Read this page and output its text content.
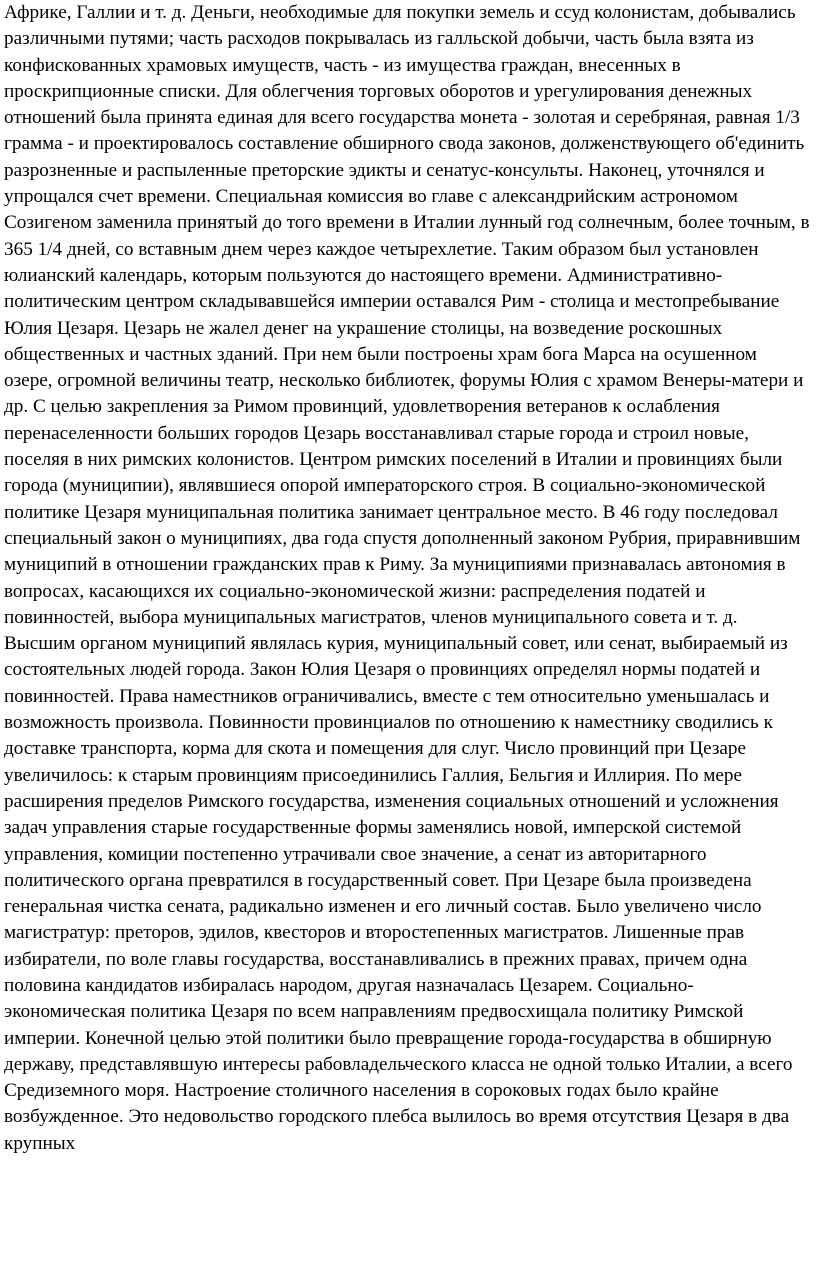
Африке, Галлии и т. д. Деньги, необходимые для покупки земель и ссуд колонистам, добывались различными путями; часть расходов покрывалась из галльской добычи, часть была взята из конфискованных храмовых имуществ, часть - из имущества граждан, внесенных в проскрипционные списки. Для облегчения торговых оборотов и урегулирования денежных отношений была принята единая для всего государства монета - золотая и серебряная, равная 1/3 грамма - и проектировалось составление обширного свода законов, долженствующего об'единить разрозненные и распыленные преторские эдикты и сенатус-консульты. Наконец, уточнялся и упрощался счет времени. Специальная комиссия во главе с александрийским астрономом Созигеном заменила принятый до того времени в Италии лунный год солнечным, более точным, в 365 1/4 дней, со вставным днем через каждое четырехлетие. Таким образом был установлен юлианский календарь, которым пользуются до настоящего времени. Административно-политическим центром складывавшейся империи оставался Рим - столица и местопребывание Юлия Цезаря. Цезарь не жалел денег на украшение столицы, на возведение роскошных общественных и частных зданий. При нем были построены храм бога Марса на осушенном озере, огромной величины театр, несколько библиотек, форумы Юлия с храмом Венеры-матери и др. С целью закрепления за Римом провинций, удовлетворения ветеранов к ослабления перенаселенности больших городов Цезарь восстанавливал старые города и строил новые, поселяя в них римских колонистов. Центром римских поселений в Италии и провинциях были города (муниципии), являвшиеся опорой императорского строя. В социально-экономической политике Цезаря муниципальная политика занимает центральное место. В 46 году последовал специальный закон о муниципиях, два года спустя дополненный законом Рубрия, приравнившим муниципий в отношении гражданских прав к Риму. За муниципиями признавалась автономия в вопросах, касающихся их социально-экономической жизни: распределения податей и повинностей, выбора муниципальных магистратов, членов муниципального совета и т. д. Высшим органом муниципий являлась курия, муниципальный совет, или сенат, выбираемый из состоятельных людей города. Закон Юлия Цезаря о провинциях определял нормы податей и повинностей. Права наместников ограничивались, вместе с тем относительно уменьшалась и возможность произвола. Повинности провинциалов по отношению к наместнику сводились к доставке транспорта, корма для скота и помещения для слуг. Число провинций при Цезаре увеличилось: к старым провинциям присоединились Галлия, Бельгия и Иллирия. По мере расширения пределов Римского государства, изменения социальных отношений и усложнения задач управления старые государственные формы заменялись новой, имперской системой управления, комиции постепенно утрачивали свое значение, а сенат из авторитарного политического органа превратился в государственный совет. При Цезаре была произведена генеральная чистка сената, радикально изменен и его личный состав. Было увеличено число магистратур: преторов, эдилов, квесторов и второстепенных магистратов. Лишенные прав избиратели, по воле главы государства, восстанавливались в прежних правах, причем одна половина кандидатов избиралась народом, другая назначалась Цезарем. Социально-экономическая политика Цезаря по всем направлениям предвосхищала политику Римской империи. Конечной целью этой политики было превращение города-государства в обширную державу, представлявшую интересы рабовладельческого класса не одной только Италии, а всего Средиземного моря. Настроение столичного населения в сороковых годах было крайне возбужденное. Это недовольство городского плебса вылилось во время отсутствия Цезаря в два крупных
